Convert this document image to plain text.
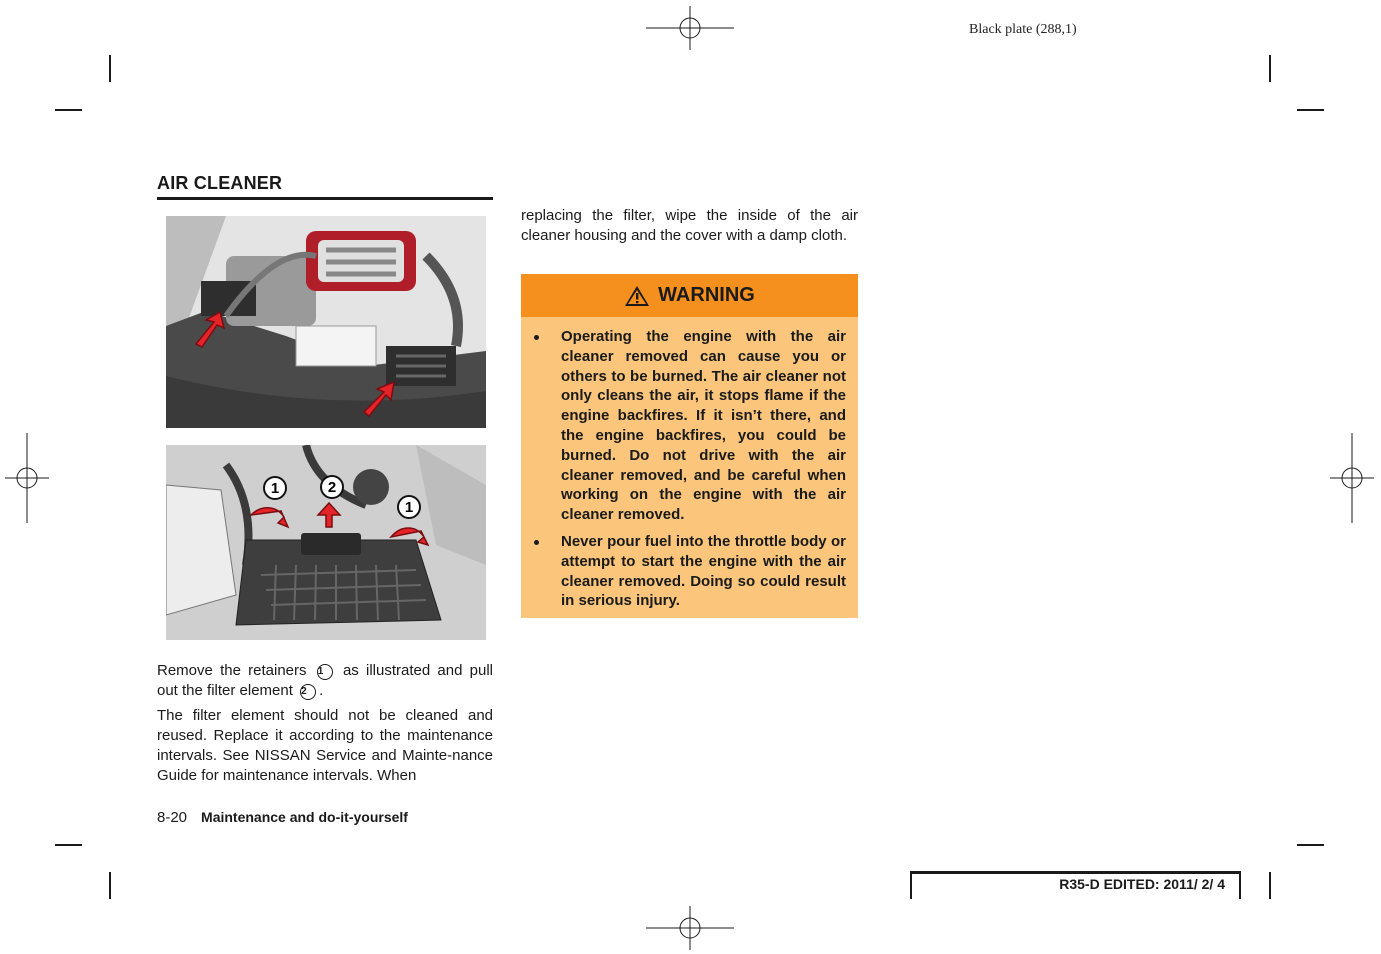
Black plate (288,1)
AIR CLEANER
1	2
1

Remove the retainers 1 as illustrated and pull out the filter element 2 .

The filter element should not be cleaned and reused. Replace it according to the maintenance intervals. See NISSAN Service and Mainte-nance Guide for maintenance intervals. When

replacing the filter, wipe the inside of the air cleaner housing and the cover with a damp cloth.

WARNING
Operating the engine with the air cleaner removed can cause you or others to be burned. The air cleaner not only cleans the air, it stops flame if the engine backfires. If it isn’t there, and the engine backfires, you could be burned. Do not drive with the air cleaner removed, and be careful when working on the engine with the air cleaner removed.
Never pour fuel into the throttle body or attempt to start the engine with the air cleaner removed. Doing so could result in serious injury.
8-20 Maintenance and do-it-yourself
R35-D EDITED: 2011/ 2/ 4
